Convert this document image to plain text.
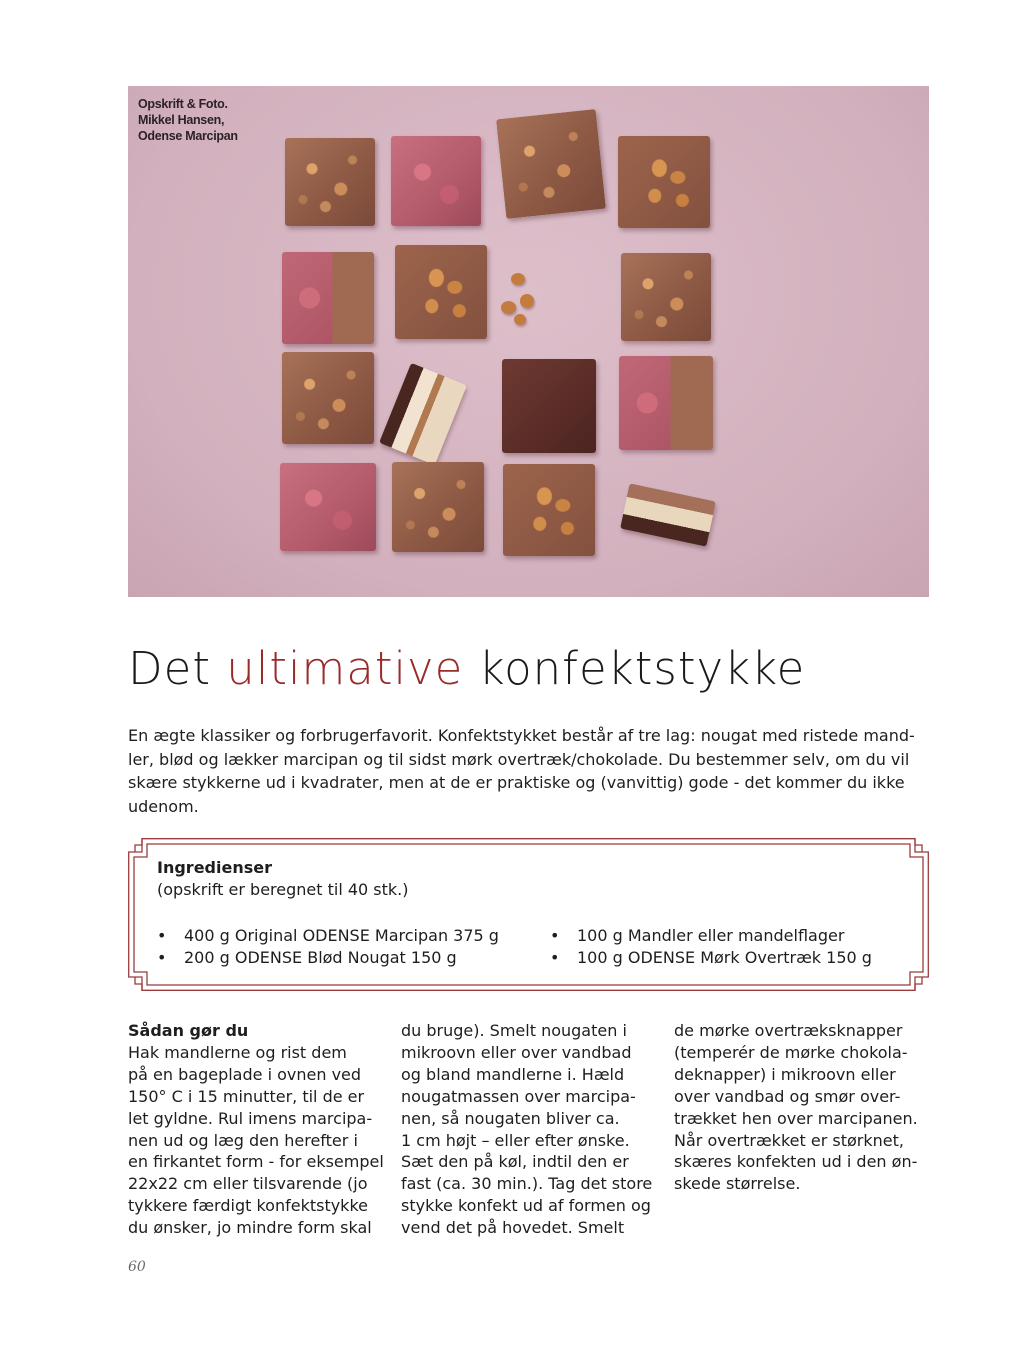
Opskrift & Foto.
Mikkel Hansen,
Odense Marcipan
Det ultimative konfektstykke
En ægte klassiker og forbrugerfavorit. Konfektstykket består af tre lag: nougat med ristede mand-
ler, blød og lækker marcipan og til sidst mørk overtræk/chokolade. Du bestemmer selv, om du vil
skære stykkerne ud i kvadrater, men at de er praktiske og (vanvittig) gode - det kommer du ikke
udenom.
Ingredienser
(opskrift er beregnet til 40 stk.)
• 400 g Original ODENSE Marcipan 375 g
• 200 g ODENSE Blød Nougat 150 g
• 100 g Mandler eller mandelflager
• 100 g ODENSE Mørk Overtræk 150 g
Sådan gør du
Hak mandlerne og rist dem
på en bageplade i ovnen ved
150° C i 15 minutter, til de er
let gyldne. Rul imens marcipa-
nen ud og læg den herefter i
en firkantet form - for eksempel
22x22 cm eller tilsvarende (jo
tykkere færdigt konfektstykke
du ønsker, jo mindre form skal
du bruge). Smelt nougaten i
mikroovn eller over vandbad
og bland mandlerne i. Hæld
nougatmassen over marcipa-
nen, så nougaten bliver ca.
1 cm højt – eller efter ønske.
Sæt den på køl, indtil den er
fast (ca. 30 min.). Tag det store
stykke konfekt ud af formen og
vend det på hovedet. Smelt
de mørke overtræksknapper
(temperér de mørke chokola-
deknapper) i mikroovn eller
over vandbad og smør over-
trækket hen over marcipanen.
Når overtrækket er størknet,
skæres konfekten ud i den øn-
skede størrelse.
60
